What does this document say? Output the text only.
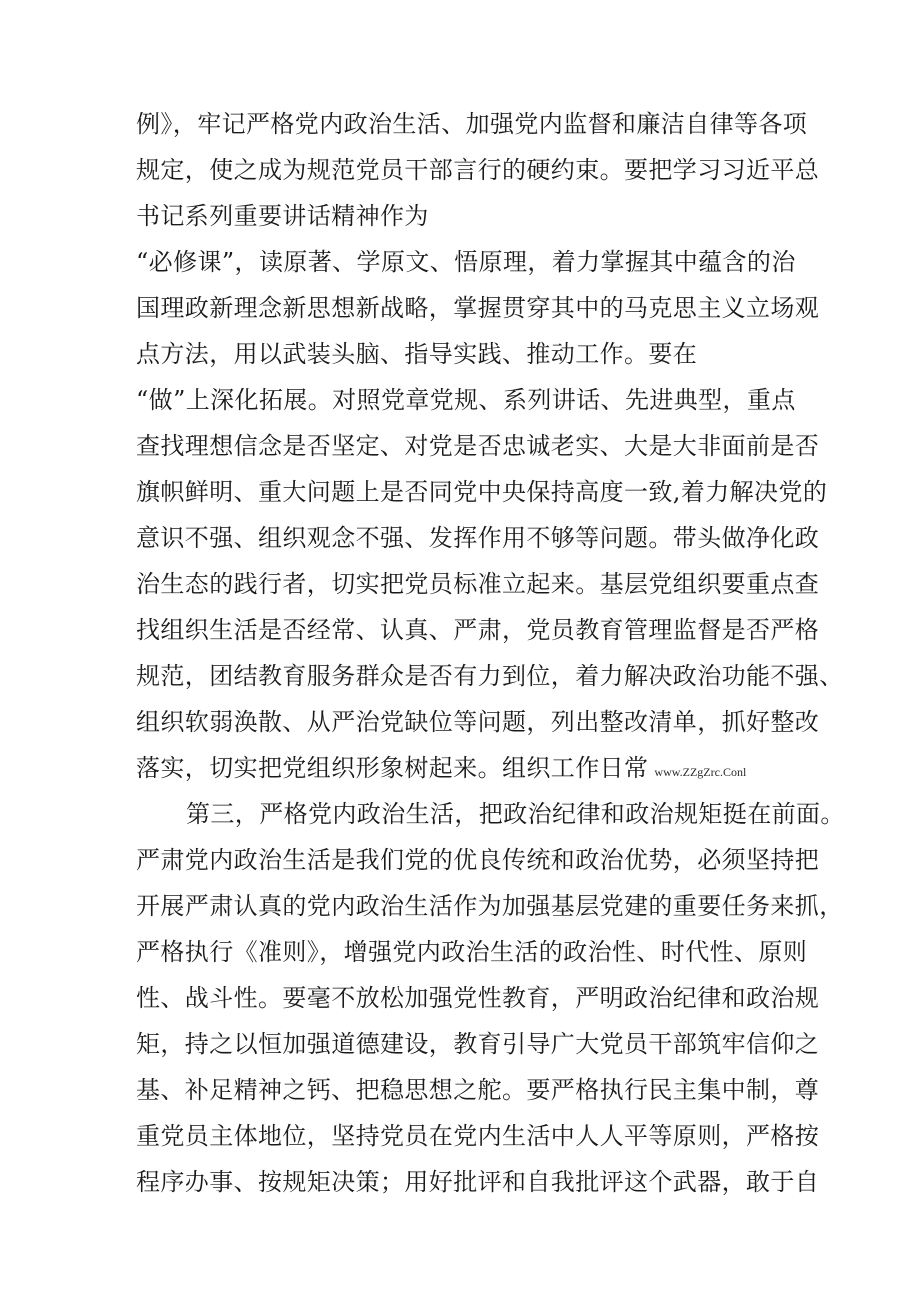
例》，牢记严格党内政治生活、加强党内监督和廉洁自律等各项
规定，使之成为规范党员干部言行的硬约束。要把学习习近平总
书记系列重要讲话精神作为
“必修课”，读原著、学原文、悟原理，着力掌握其中蕴含的治
国理政新理念新思想新战略，掌握贯穿其中的马克思主义立场观
点方法，用以武装头脑、指导实践、推动工作。要在
“做”上深化拓展。对照党章党规、系列讲话、先进典型，重点
查找理想信念是否坚定、对党是否忠诚老实、大是大非面前是否
旗帜鲜明、重大问题上是否同党中央保持高度一致,着力解决党的
意识不强、组织观念不强、发挥作用不够等问题。带头做净化政
治生态的践行者，切实把党员标准立起来。基层党组织要重点查
找组织生活是否经常、认真、严肃，党员教育管理监督是否严格
规范，团结教育服务群众是否有力到位，着力解决政治功能不强、
组织软弱涣散、从严治党缺位等问题，列出整改清单，抓好整改
落实，切实把党组织形象树起来。组织工作日常 www.ZZgZrc.Conl
第三，严格党内政治生活，把政治纪律和政治规矩挺在前面。
严肃党内政治生活是我们党的优良传统和政治优势，必须坚持把
开展严肃认真的党内政治生活作为加强基层党建的重要任务来抓，
严格执行《准则》，增强党内政治生活的政治性、时代性、原则
性、战斗性。要毫不放松加强党性教育，严明政治纪律和政治规
矩，持之以恒加强道德建设，教育引导广大党员干部筑牢信仰之
基、补足精神之钙、把稳思想之舵。要严格执行民主集中制，尊
重党员主体地位，坚持党员在党内生活中人人平等原则，严格按
程序办事、按规矩决策；用好批评和自我批评这个武器，敢于自
